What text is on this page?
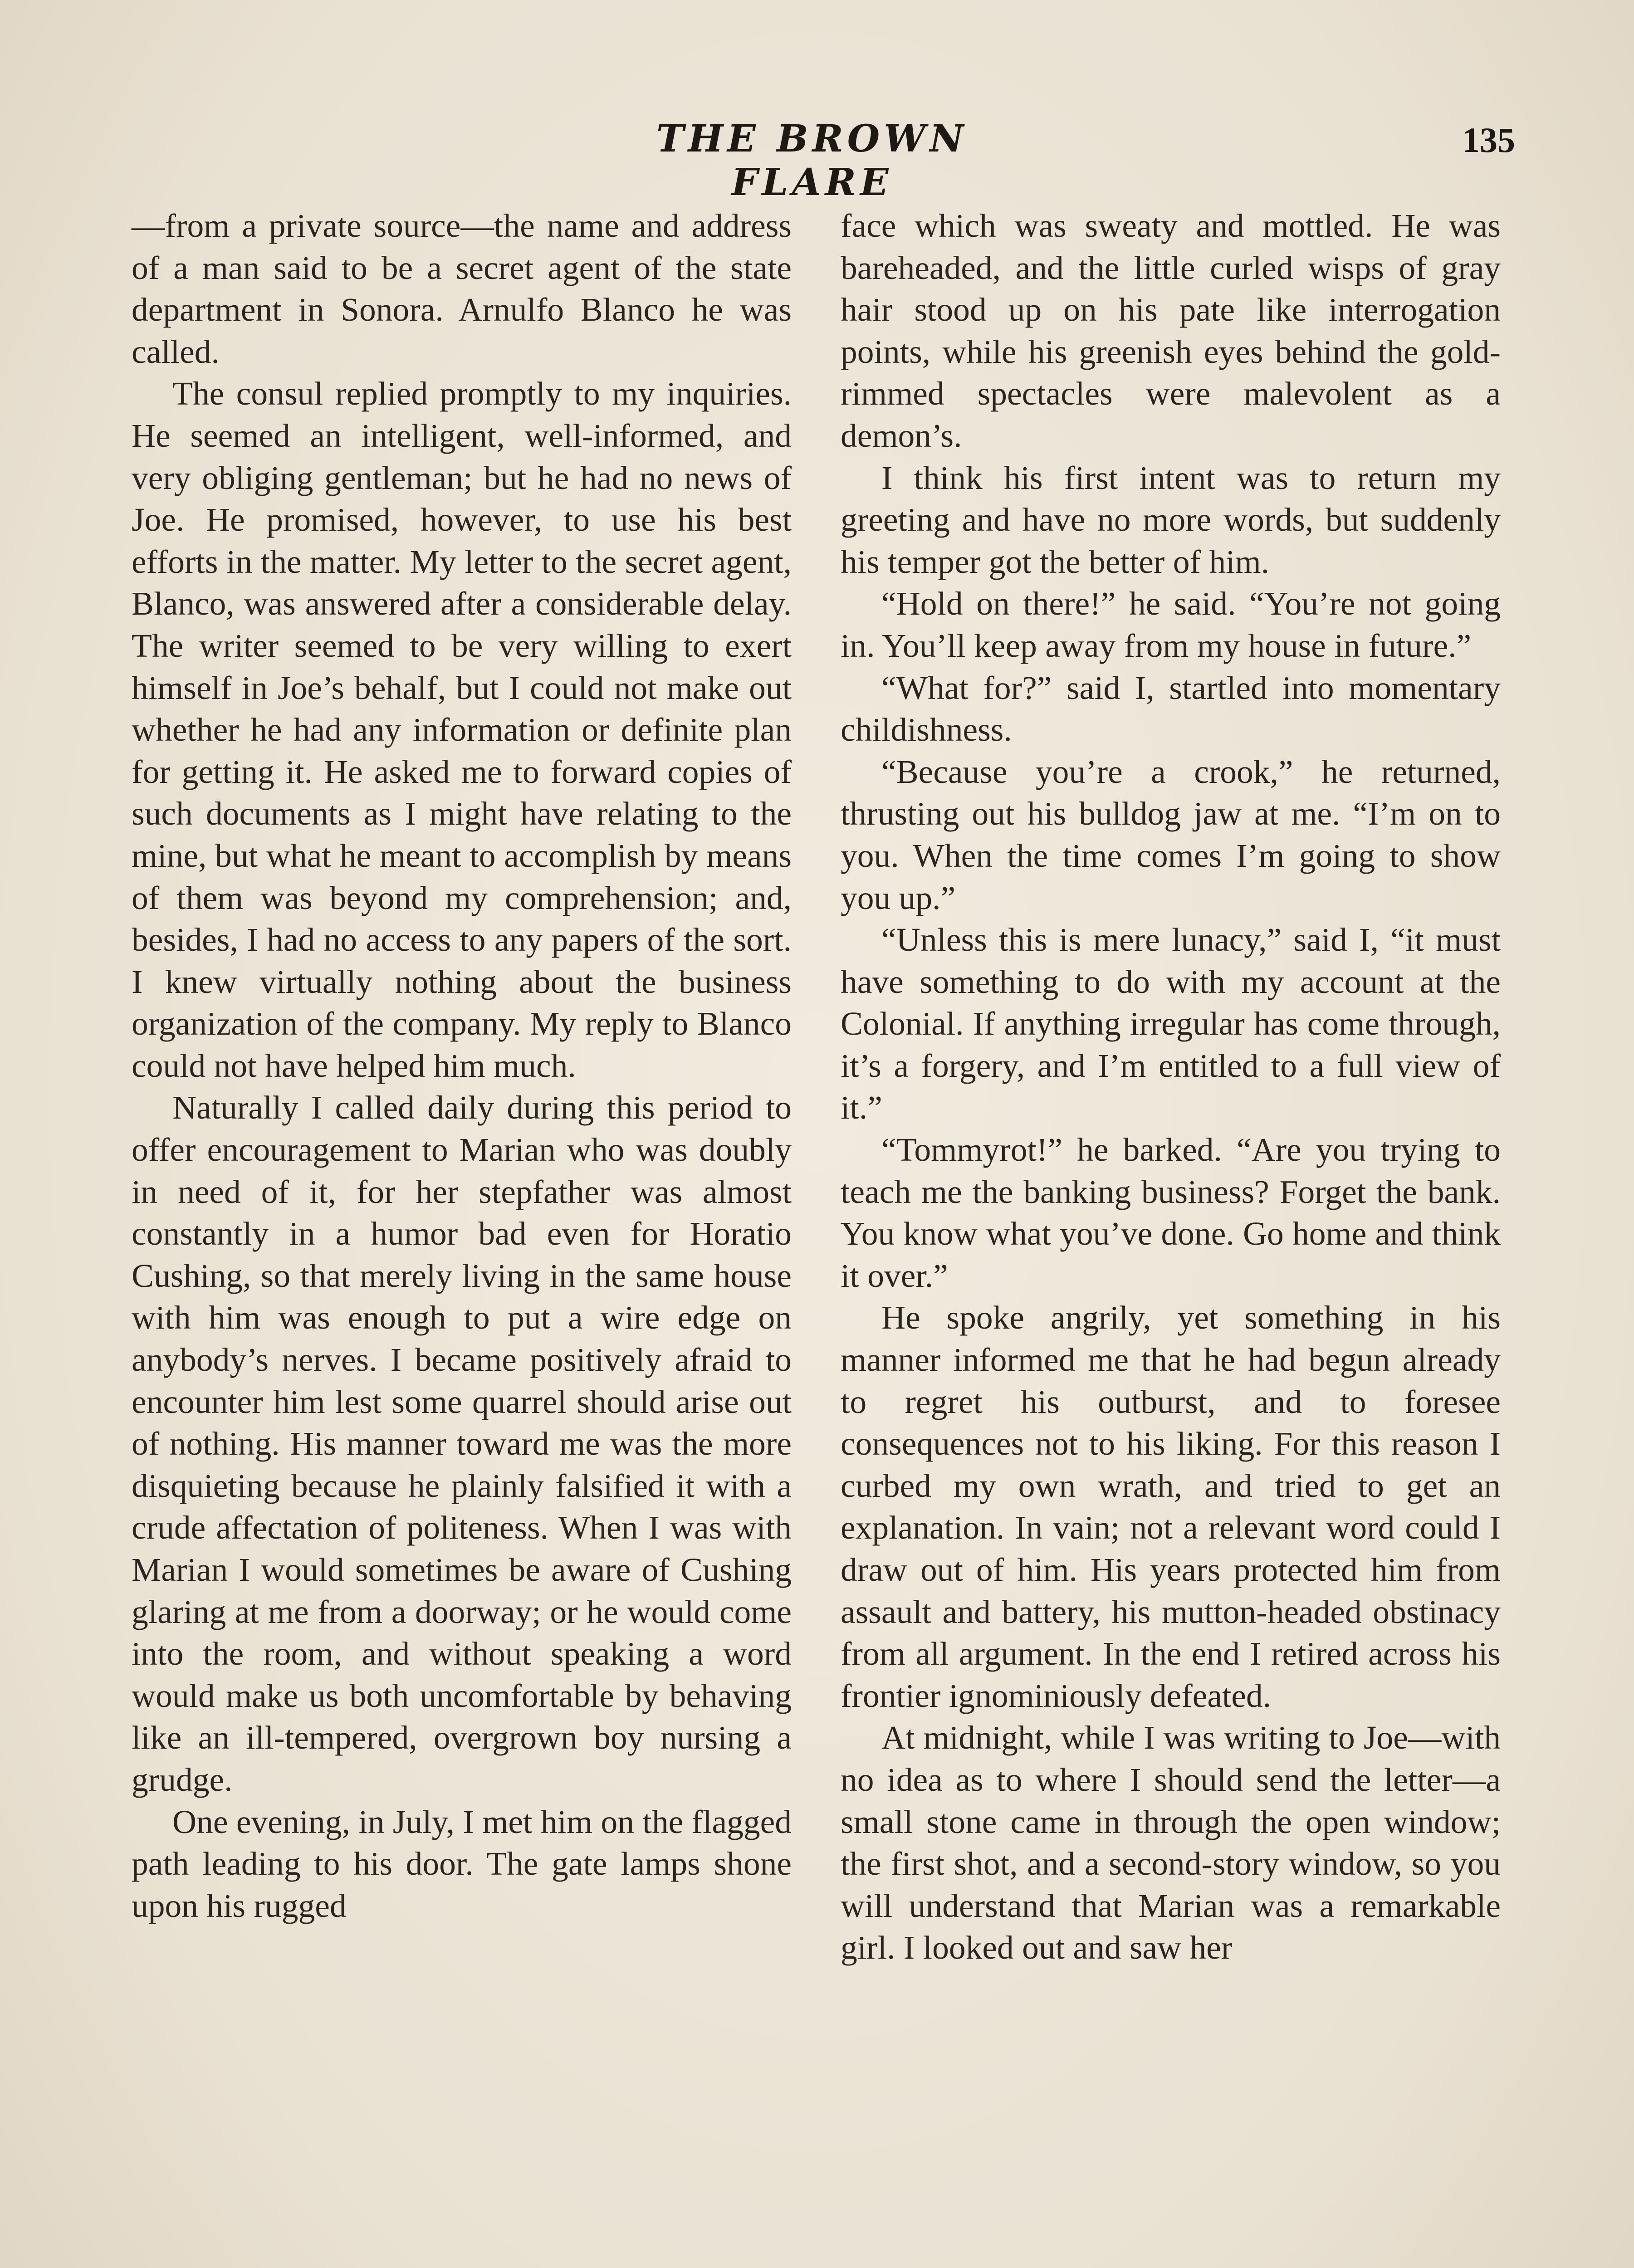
THE BROWN FLARE
135

—from a private source—the name and address of a man said to be a secret agent of the state department in Sonora. Arnulfo Blanco he was called.

The consul replied promptly to my inquiries. He seemed an intelligent, well-informed, and very obliging gentleman; but he had no news of Joe. He promised, however, to use his best efforts in the matter. My letter to the secret agent, Blanco, was answered after a considerable delay. The writer seemed to be very willing to exert himself in Joe’s behalf, but I could not make out whether he had any information or definite plan for getting it. He asked me to forward copies of such documents as I might have relating to the mine, but what he meant to accomplish by means of them was beyond my comprehension; and, besides, I had no access to any papers of the sort. I knew virtually nothing about the business organization of the company. My reply to Blanco could not have helped him much.

Naturally I called daily during this period to offer encouragement to Marian who was doubly in need of it, for her stepfather was almost constantly in a humor bad even for Horatio Cushing, so that merely living in the same house with him was enough to put a wire edge on anybody’s nerves. I became positively afraid to encounter him lest some quarrel should arise out of nothing. His manner toward me was the more disquieting because he plainly falsified it with a crude affectation of politeness. When I was with Marian I would sometimes be aware of Cushing glaring at me from a doorway; or he would come into the room, and without speaking a word would make us both uncomfortable by behaving like an ill-tempered, overgrown boy nursing a grudge.

One evening, in July, I met him on the flagged path leading to his door. The gate lamps shone upon his rugged

face which was sweaty and mottled. He was bareheaded, and the little curled wisps of gray hair stood up on his pate like interrogation points, while his greenish eyes behind the gold-rimmed spectacles were malevolent as a demon’s.

I think his first intent was to return my greeting and have no more words, but suddenly his temper got the better of him.

“Hold on there!” he said. “You’re not going in. You’ll keep away from my house in future.”

“What for?” said I, startled into momentary childishness.

“Because you’re a crook,” he returned, thrusting out his bulldog jaw at me. “I’m on to you. When the time comes I’m going to show you up.”

“Unless this is mere lunacy,” said I, “it must have something to do with my account at the Colonial. If anything irregular has come through, it’s a forgery, and I’m entitled to a full view of it.”

“Tommyrot!” he barked. “Are you trying to teach me the banking business? Forget the bank. You know what you’ve done. Go home and think it over.”

He spoke angrily, yet something in his manner informed me that he had begun already to regret his outburst, and to foresee consequences not to his liking. For this reason I curbed my own wrath, and tried to get an explanation. In vain; not a relevant word could I draw out of him. His years protected him from assault and battery, his mutton-headed obstinacy from all argument. In the end I retired across his frontier ignominiously defeated.

At midnight, while I was writing to Joe—with no idea as to where I should send the letter—a small stone came in through the open window; the first shot, and a second-story window, so you will understand that Marian was a remarkable girl. I looked out and saw her
